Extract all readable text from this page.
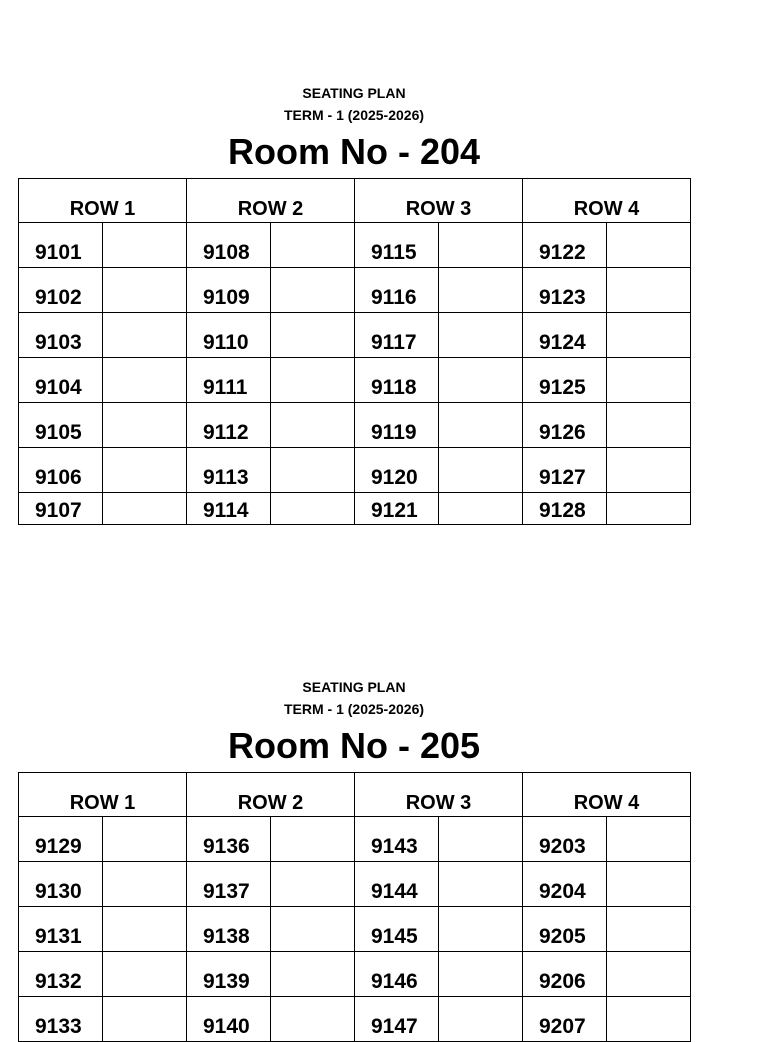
SEATING PLAN
TERM - 1 (2025-2026)
Room No - 204
ROW 1		ROW 2		ROW 3		ROW 4	
9101		9108		9115		9122	
9102		9109		9116		9123	
9103		9110		9117		9124	
9104		9111		9118		9125	
9105		9112		9119		9126	
9106		9113		9120		9127	
9107		9114		9121		9128	
SEATING PLAN
TERM - 1 (2025-2026)
Room No - 205
ROW 1		ROW 2		ROW 3		ROW 4	
9129		9136		9143		9203	
9130		9137		9144		9204	
9131		9138		9145		9205	
9132		9139		9146		9206	
9133		9140		9147		9207	
